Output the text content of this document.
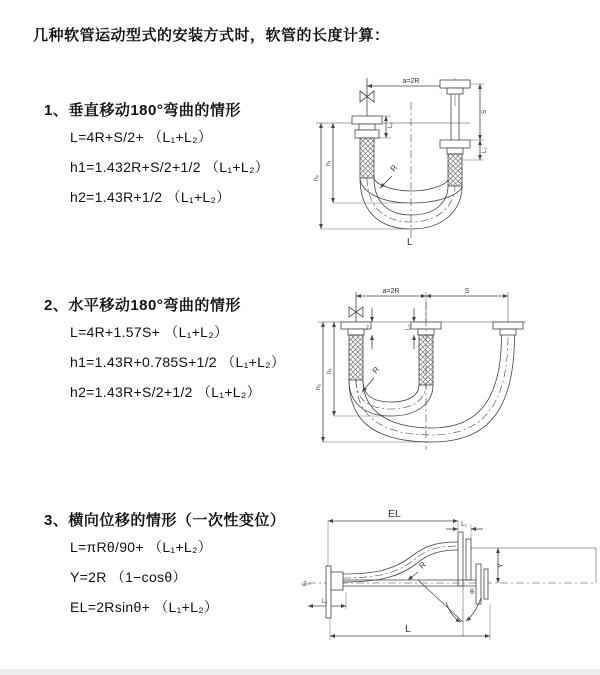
几种软管运动型式的安装方式时，软管的长度计算：
1、垂直移动180°弯曲的情形
L=4R+S/2+ （L₁+L₂）
h1=1.432R+S/2+1/2 （L₁+L₂）
h2=1.43R+1/2 （L₁+L₂）
2、水平移动180°弯曲的情形
L=4R+1.57S+ （L₁+L₂）
h1=1.43R+0.785S+1/2 （L₁+L₂）
h2=1.43R+S/2+1/2 （L₁+L₂）
3、横向位移的情形（一次性变位）
L=πRθ/90+ （L₁+L₂）
Y=2R （1−cosθ）
EL=2Rsinθ+ （L₁+L₂）
a=2R
R
h₂
h₁
L₁
S
L₂
L
a=2R	S
L₁	L₂
h₂
h₁	R
EL
L₂
Y
R
θ
L
L₁
Z
